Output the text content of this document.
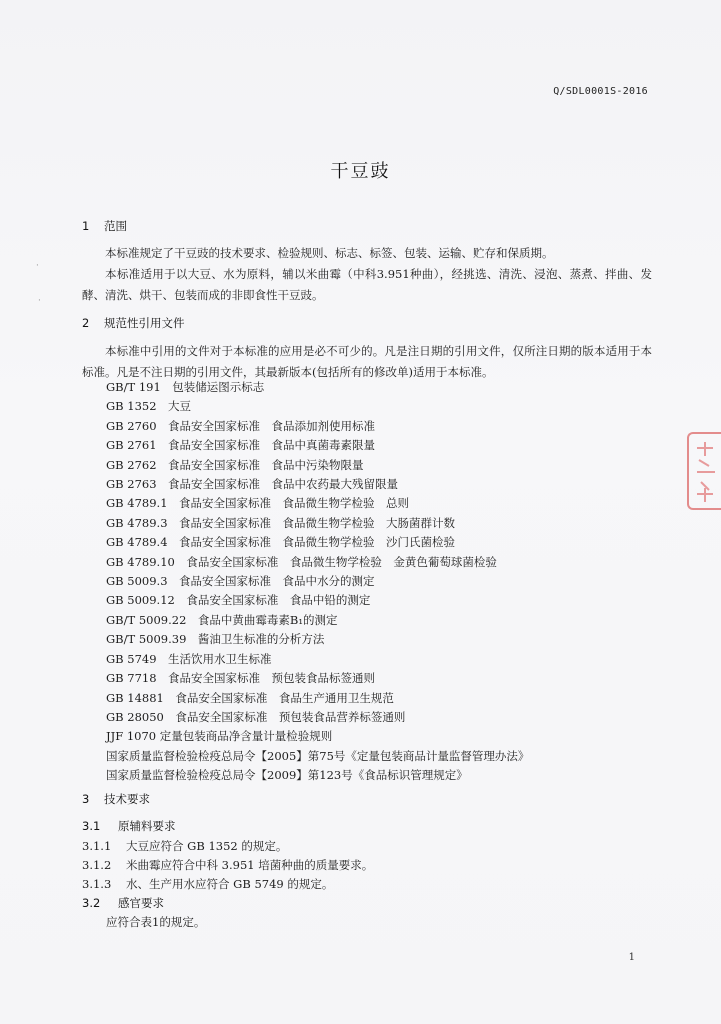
Q/SDL0001S-2016
干豆豉
1 范围
本标准规定了干豆豉的技术要求、检验规则、标志、标签、包装、运输、贮存和保质期。
本标准适用于以大豆、水为原料，辅以米曲霉（中科3.951种曲），经挑选、清洗、浸泡、蒸煮、拌曲、发酵、清洗、烘干、包装而成的非即食性干豆豉。
2 规范性引用文件
本标准中引用的文件对于本标准的应用是必不可少的。凡是注日期的引用文件，仅所注日期的版本适用于本标准。凡是不注日期的引用文件，其最新版本(包括所有的修改单)适用于本标准。
GB/T 191　包装储运图示标志
GB 1352　大豆
GB 2760　食品安全国家标准　食品添加剂使用标准
GB 2761　食品安全国家标准　食品中真菌毒素限量
GB 2762　食品安全国家标准　食品中污染物限量
GB 2763　食品安全国家标准　食品中农药最大残留限量
GB 4789.1　食品安全国家标准　食品微生物学检验　总则
GB 4789.3　食品安全国家标准　食品微生物学检验　大肠菌群计数
GB 4789.4　食品安全国家标准　食品微生物学检验　沙门氏菌检验
GB 4789.10　食品安全国家标准　食品微生物学检验　金黄色葡萄球菌检验
GB 5009.3　食品安全国家标准　食品中水分的测定
GB 5009.12　食品安全国家标准　食品中铅的测定
GB/T 5009.22　食品中黄曲霉毒素B₁的测定
GB/T 5009.39　酱油卫生标准的分析方法
GB 5749　生活饮用水卫生标准
GB 7718　食品安全国家标准　预包装食品标签通则
GB 14881　食品安全国家标准　食品生产通用卫生规范
GB 28050　食品安全国家标准　预包装食品营养标签通则
JJF 1070 定量包装商品净含量计量检验规则
国家质量监督检验检疫总局令【2005】第75号《定量包装商品计量监督管理办法》
国家质量监督检验检疫总局令【2009】第123号《食品标识管理规定》
3 技术要求
3.1 原辅料要求
3.1.1 大豆应符合 GB 1352 的规定。
3.1.2 米曲霉应符合中科 3.951 培菌种曲的质量要求。
3.1.3 水、生产用水应符合 GB 5749 的规定。
3.2 感官要求
应符合表1的规定。
1
·
·
